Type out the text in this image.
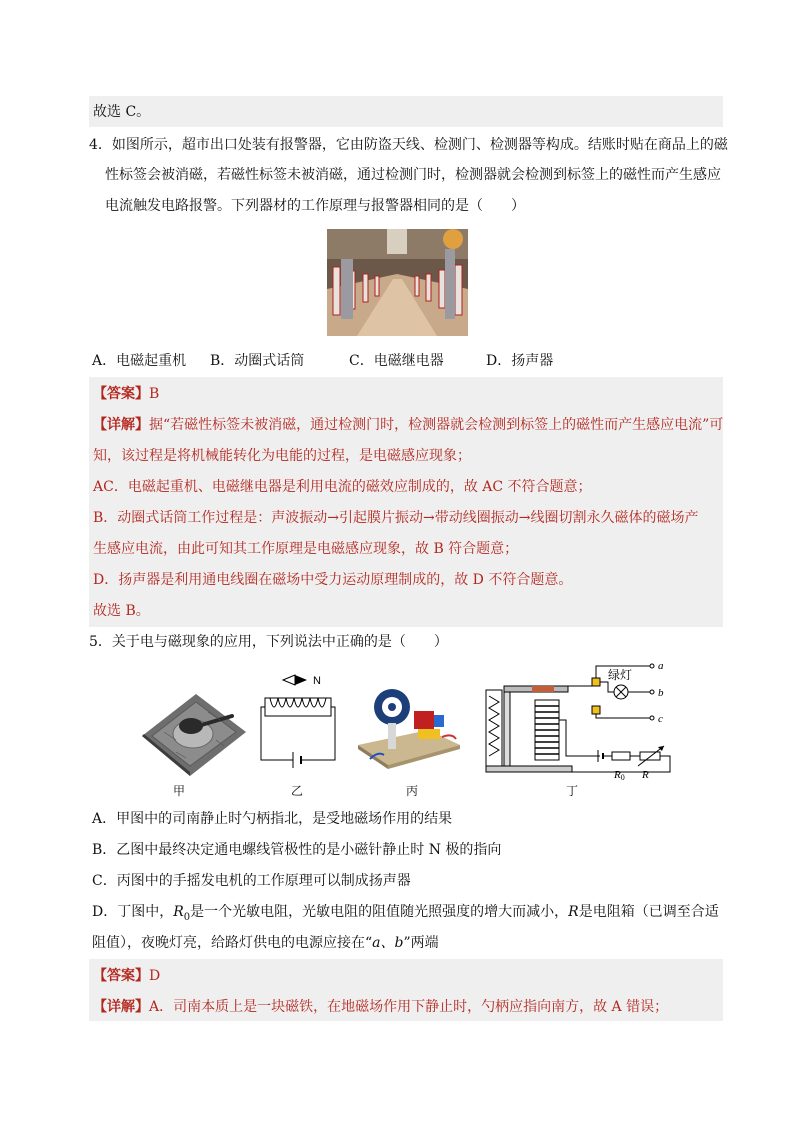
故选 C。
4．如图所示，超市出口处装有报警器，它由防盗天线、检测门、检测器等构成。结账时贴在商品上的磁
性标签会被消磁，若磁性标签未被消磁，通过检测门时，检测器就会检测到标签上的磁性而产生感应
电流触发电路报警。下列器材的工作原理与报警器相同的是（　　）
A．电磁起重机 B．动圈式话筒	C．电磁继电器	D．扬声器
【答案】B
【详解】据“若磁性标签未被消磁，通过检测门时，检测器就会检测到标签上的磁性而产生感应电流”可
知，该过程是将机械能转化为电能的过程，是电磁感应现象；
AC．电磁起重机、电磁继电器是利用电流的磁效应制成的，故 AC 不符合题意；
B．动圈式话筒工作过程是：声波振动→引起膜片振动→带动线圈振动→线圈切割永久磁体的磁场产
生感应电流，由此可知其工作原理是电磁感应现象，故 B 符合题意；
D．扬声器是利用通电线圈在磁场中受力运动原理制成的，故 D 不符合题意。
故选 B。
5．关于电与磁现象的应用，下列说法中正确的是（　　）
甲
N
乙	丙
绿灯
a
b
c
R0 R
丁
A．甲图中的司南静止时勺柄指北，是受地磁场作用的结果
B．乙图中最终决定通电螺线管极性的是小磁针静止时 N 极的指向
C．丙图中的手摇发电机的工作原理可以制成扬声器
D．丁图中，$R_0$是一个光敏电阻，光敏电阻的阻值随光照强度的增大而减小，R是电阻箱（已调至合适
阻值），夜晚灯亮，给路灯供电的电源应接在“a、b”两端
【答案】D
【详解】A．司南本质上是一块磁铁，在地磁场作用下静止时，勺柄应指向南方，故 A 错误；
